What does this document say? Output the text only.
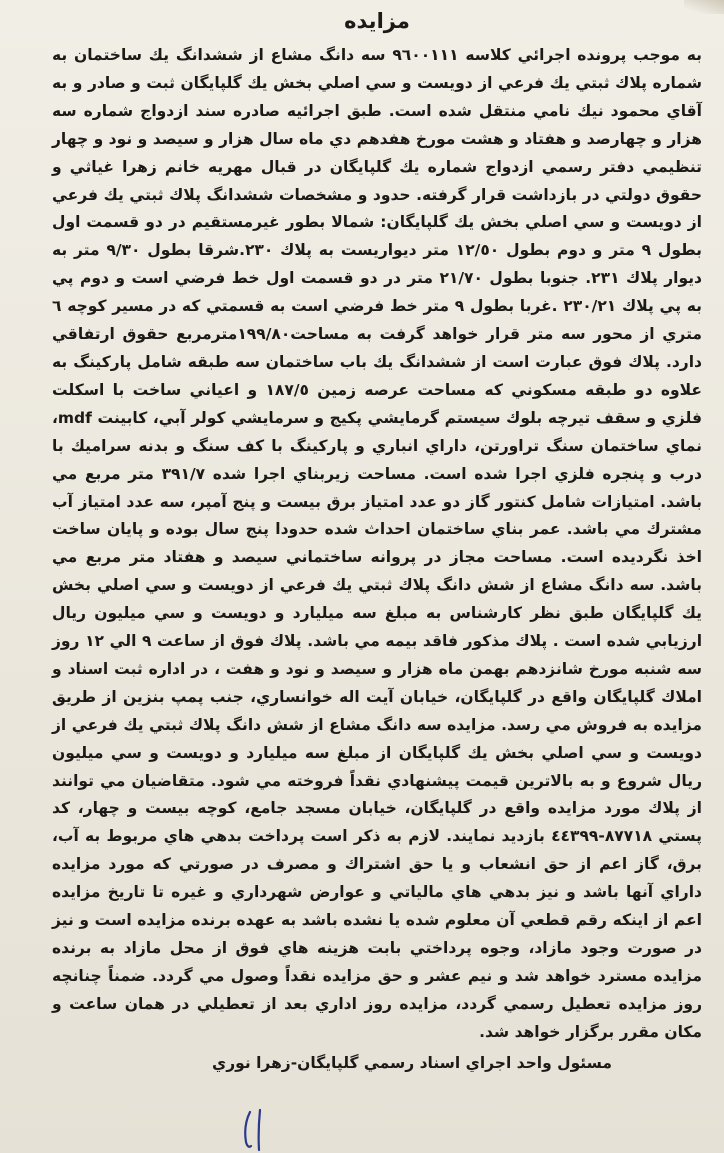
مزایده

به موجب پرونده اجرائي كلاسه ٩٦٠٠١١١ سه دانگ مشاع از ششدانگ يك ساختمان به شماره پلاك ثبتي يك فرعي از دويست و سي اصلي بخش يك گلپايگان ثبت و صادر و به آقاي محمود نيك نامي منتقل شده است. طبق اجرائيه صادره سند ازدواج شماره سه هزار و چهارصد و هفتاد و هشت مورخ هفدهم دي ماه سال هزار و سيصد و نود و چهار تنظيمي دفتر رسمي ازدواج شماره يك گلپايگان در قبال مهريه خانم زهرا غياثي و حقوق دولتي در بازداشت قرار گرفته. حدود و مشخصات ششدانگ پلاك ثبتي يك فرعي از دويست و سي اصلي بخش يك گلپايگان: شمالا بطور غيرمستقيم در دو قسمت اول بطول ٩ متر و دوم بطول ١٢/٥٠ متر ديواريست به پلاك ٢٣٠.شرقا بطول ٩/٣٠ متر به ديوار پلاك ٢٣١. جنوبا بطول ٢١/٧٠ متر در دو قسمت اول خط فرضي است و دوم پي به پي پلاك ٢٣٠/٢١ .غربا بطول ٩ متر خط فرضي است به قسمتي كه در مسير كوچه ٦ متري از محور سه متر قرار خواهد گرفت به مساحت١٩٩/٨٠مترمربع حقوق ارتفاقي دارد. پلاك فوق عبارت است از ششدانگ يك باب ساختمان سه طبقه شامل پاركينگ به علاوه دو طبقه مسكوني كه مساحت عرصه زمين ١٨٧/٥ و اعياني ساخت با اسكلت فلزي و سقف تيرچه بلوك سيستم گرمايشي پكيج و سرمايشي كولر آبي، كابينت mdf، نماي ساختمان سنگ تراورتن، داراي انباري و پاركينگ با كف سنگ و بدنه سراميك با درب و پنجره فلزي اجرا شده است. مساحت زيربناي اجرا شده ٣٩١/٧ متر مربع مي باشد. امتيازات شامل كنتور گاز دو عدد امتياز برق بيست و پنج آمپر، سه عدد امتياز آب مشترك مي باشد. عمر بناي ساختمان احداث شده حدودا پنج سال بوده و پايان ساخت اخذ نگرديده است. مساحت مجاز در پروانه ساختماني سيصد و هفتاد متر مربع مي باشد. سه دانگ مشاع از شش دانگ پلاك ثبتي يك فرعي از دويست و سي اصلي بخش يك گلپايگان طبق نظر كارشناس به مبلغ سه ميليارد و دويست و سي ميليون ريال ارزيابي شده است . پلاك مذكور فاقد بيمه مي باشد. پلاك فوق از ساعت ٩ الي ١٢ روز سه شنبه مورخ شانزدهم بهمن ماه هزار و سيصد و نود و هفت ، در اداره ثبت اسناد و املاك گلپايگان واقع در گلپايگان، خيابان آيت اله خوانساري، جنب پمپ بنزين از طريق مزايده به فروش مي رسد. مزايده سه دانگ مشاع از شش دانگ پلاك ثبتي يك فرعي از دويست و سي اصلي بخش يك گلپايگان از مبلغ سه ميليارد و دويست و سي ميليون ريال شروع و به بالاترين قيمت پيشنهادي نقداً فروخته مي شود. متقاضيان مي توانند از پلاك مورد مزايده واقع در گلپايگان، خيابان مسجد جامع، كوچه بيست و چهار، كد پستي ٨٧٧١٨-٤٤٣٩٩ بازديد نمايند. لازم به ذكر است پرداخت بدهي هاي مربوط به آب، برق، گاز اعم از حق انشعاب و يا حق اشتراك و مصرف در صورتي كه مورد مزايده داراي آنها باشد و نيز بدهي هاي مالياتي و عوارض شهرداري و غيره تا تاريخ مزايده اعم از اينكه رقم قطعي آن معلوم شده يا نشده باشد به عهده برنده مزايده است و نيز در صورت وجود مازاد، وجوه پرداختي بابت هزينه هاي فوق از محل مازاد به برنده مزايده مسترد خواهد شد و نيم عشر و حق مزايده نقداً وصول مي گردد. ضمناً چنانچه روز مزايده تعطيل رسمي گردد، مزايده روز اداري بعد از تعطيلي در همان ساعت و مكان مقرر برگزار خواهد شد.

مسئول واحد اجراي اسناد رسمي گلپايگان-زهرا نوري
